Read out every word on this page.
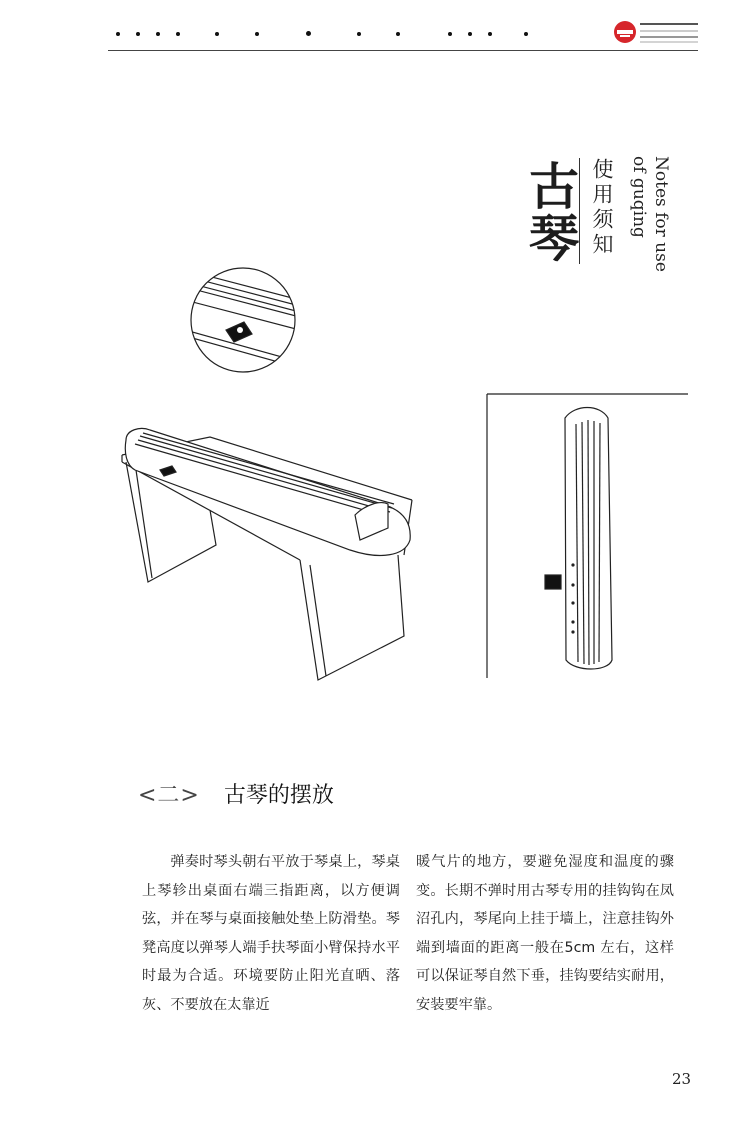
古琴 使用须知	Notes for use
of guqing
<二> 古琴的摆放
弹奏时琴头朝右平放于琴桌上，琴桌上琴轸出桌面右端三指距离，以方便调弦，并在琴与桌面接触处垫上防滑垫。琴凳高度以弹琴人端手扶琴面小臂保持水平时最为合适。环境要防止阳光直晒、落灰、不要放在太靠近
暖气片的地方，要避免湿度和温度的骤变。长期不弹时用古琴专用的挂钩钩在凤沼孔内，琴尾向上挂于墙上，注意挂钩外端到墙面的距离一般在5cm 左右，这样可以保证琴自然下垂，挂钩要结实耐用，安装要牢靠。
23
